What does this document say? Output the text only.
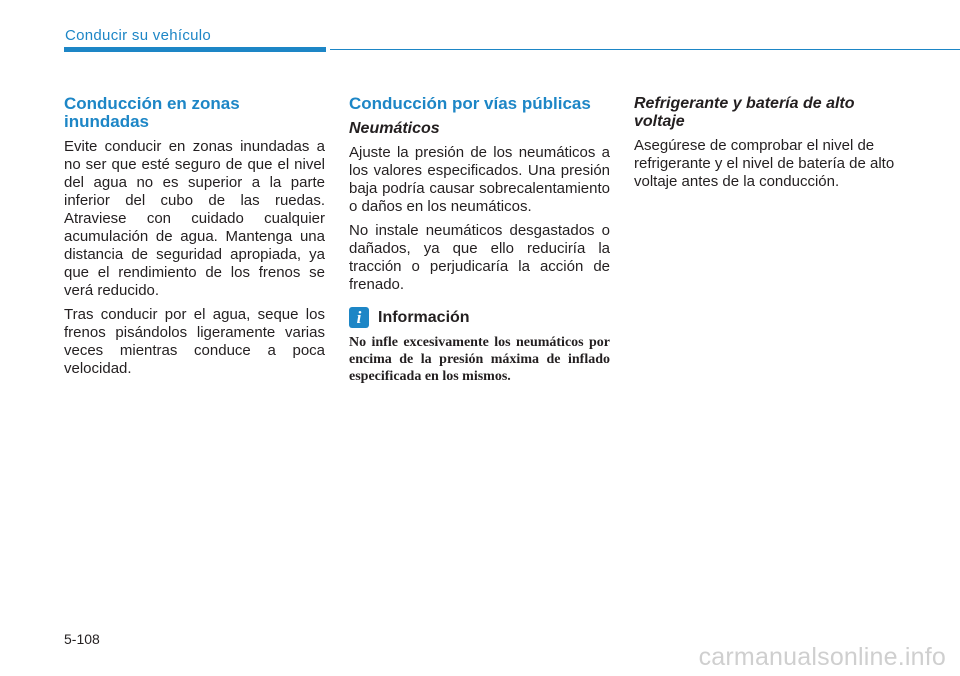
Conducir su vehículo
Conducción en zonas inundadas

Evite conducir en zonas inundadas a no ser que esté seguro de que el nivel del agua no es superior a la parte inferior del cubo de las ruedas. Atraviese con cuidado cualquier acumulación de agua. Mantenga una distancia de seguridad apropiada, ya que el rendimiento de los frenos se verá reducido.

Tras conducir por el agua, seque los frenos pisándolos ligeramente varias veces mientras conduce a poca velocidad.

Conducción por vías públicas
Neumáticos

Ajuste la presión de los neumáticos a los valores especificados. Una presión baja podría causar sobrecalentamiento o daños en los neumáticos.

No instale neumáticos desgastados o dañados, ya que ello reduciría la tracción o perjudicaría la acción de frenado.

i	Información

No infle excesivamente los neumáticos por encima de la presión máxima de inflado especificada en los mismos.

Refrigerante y batería de alto voltaje

Asegúrese de comprobar el nivel de refrigerante y el nivel de batería de alto voltaje antes de la conducción.

5-108
carmanualsonline.info
